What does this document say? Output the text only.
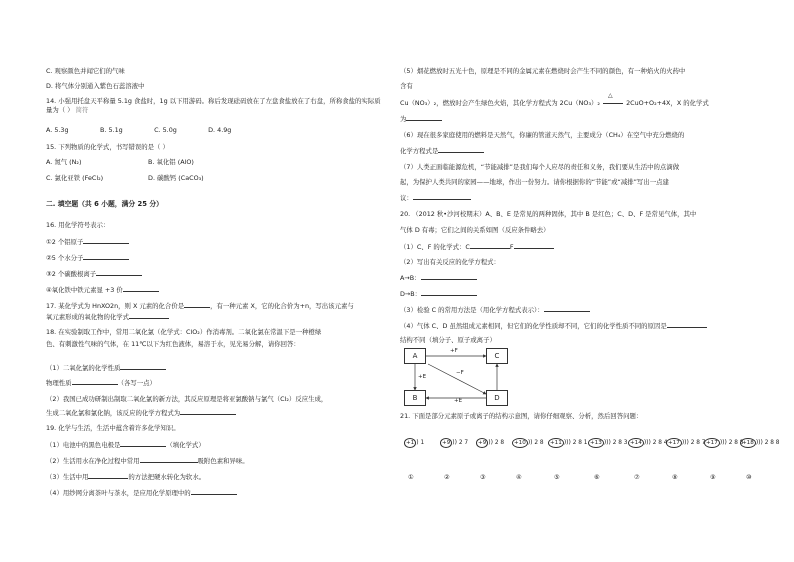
C. 观察颜色并闻它们的气味
D. 将气体分别通入紫色石蕊溶液中
14. 小强用托盘天平称量 5.1g 食盐时，1g 以下用游码。称后发现砝码放在了左盘食盐放在了右盘，所称食盐的实际质量为（ ） 简符
A. 5.3g	B. 5.1g	C. 5.0g	D. 4.9g
15. 下列物质的化学式，书写错误的是（ ）
A. 氮气 (N₂)	B. 氧化铝 (AlO)
C. 氯化亚铁 (FeCl₂)	D. 碳酸钙 (CaCO₃)
二. 填空题（共 6 小题，满分 25 分）
16. 用化学符号表示：
①2 个铝原子
②5 个水分子
③2 个碳酸根离子
④氧化铁中铁元素显 +3 价
17. 某化学式为 HnXO2n，则 X 元素的化合价是	，有一种元素 X，它的化合价为+n，写出该元素与
氧元素形成的氧化物的化学式
18. 在实验制取工作中，常用二氧化氯（化学式：ClO₂）作消毒剂。二氧化氯在常温下是一种橙绿
色、有刺激性气味的气体，在 11℃以下为红色液体，易溶于水，见光易分解，请你回答：
（1）二氧化氯的化学性质
物理性质	（各写一点）
（2）我国已成功研制出制取二氧化氯的新方法，其反应原理是将亚氯酸钠与氯气（Cl₂）反应生成，
生成二氧化氯和氯化钠，该反应的化学方程式为
19. 化学与生活，生活中蕴含着许多化学知识。
（1）电池中的黑色电极是	（填化学式）
（2）生活用水在净化过程中常用	吸附色素和异味。
（3）生活中用	的方法把硬水转化为软水。
（4）用纱网分离茶叶与茶水，是应用化学原理中的
（5）烟花燃放时五光十色，原理是不同的金属元素在燃烧时会产生不同的颜色，有一种焰火的火药中
含有
Cu（NO₃）₂，燃放时会产生绿色火焰，其化学方程式为 2Cu（NO₃）₂
△
2CuO+O₂+4X，X 的化学式
为
（6）现在很多家庭使用的燃料是天然气，你廉的管道天然气，主要成分（CH₄）在空气中充分燃烧的
化学方程式是
（7）人类正面临能源危机，“节能减排”是我们每个人应尽的责任和义务，我们要从生活中的点滴做
起，为保护人类共同的家园——地球，作出一份努力。请你根据你的“节能”或“减排”写出一点建
议：
20. （2012 秋•沙河校期末）A、B、E 是常见的两种固体，其中 B 是红色；C、D、F 是常见气体，其中
气体 D 有毒；它们之间的关系如图（反应条件略去）
（1）C、F 的化学式：C	F
（2）写出有关反应的化学方程式：
A→B：
D→B：
（3）检验 C 的常用方法是（用化学方程式表示）：
（4）气体 C、D 虽然组成元素相同，但它们的化学性质却不同，它们的化学性质不同的原因是
结构不同（填分子、原子或离子）
A	C
B	D
+F
+E
−F
+E
21. 下面是部分元素原子或离子的结构示意图，请你仔细观察、分析，然后回答问题：
+1 ) 1	+9 )) 2 7	+9 )) 2 8	+10 )) 2 8	+11 ))) 2 8 1 +13 ))) 2 8 3 +14 ))) 2 8 4 +17 ))) 2 8 7 +17 ))) 2 8 8
+18 ))) 2 8 8
①	②	③	④	⑤	⑥	⑦	⑧	⑨	⑩
